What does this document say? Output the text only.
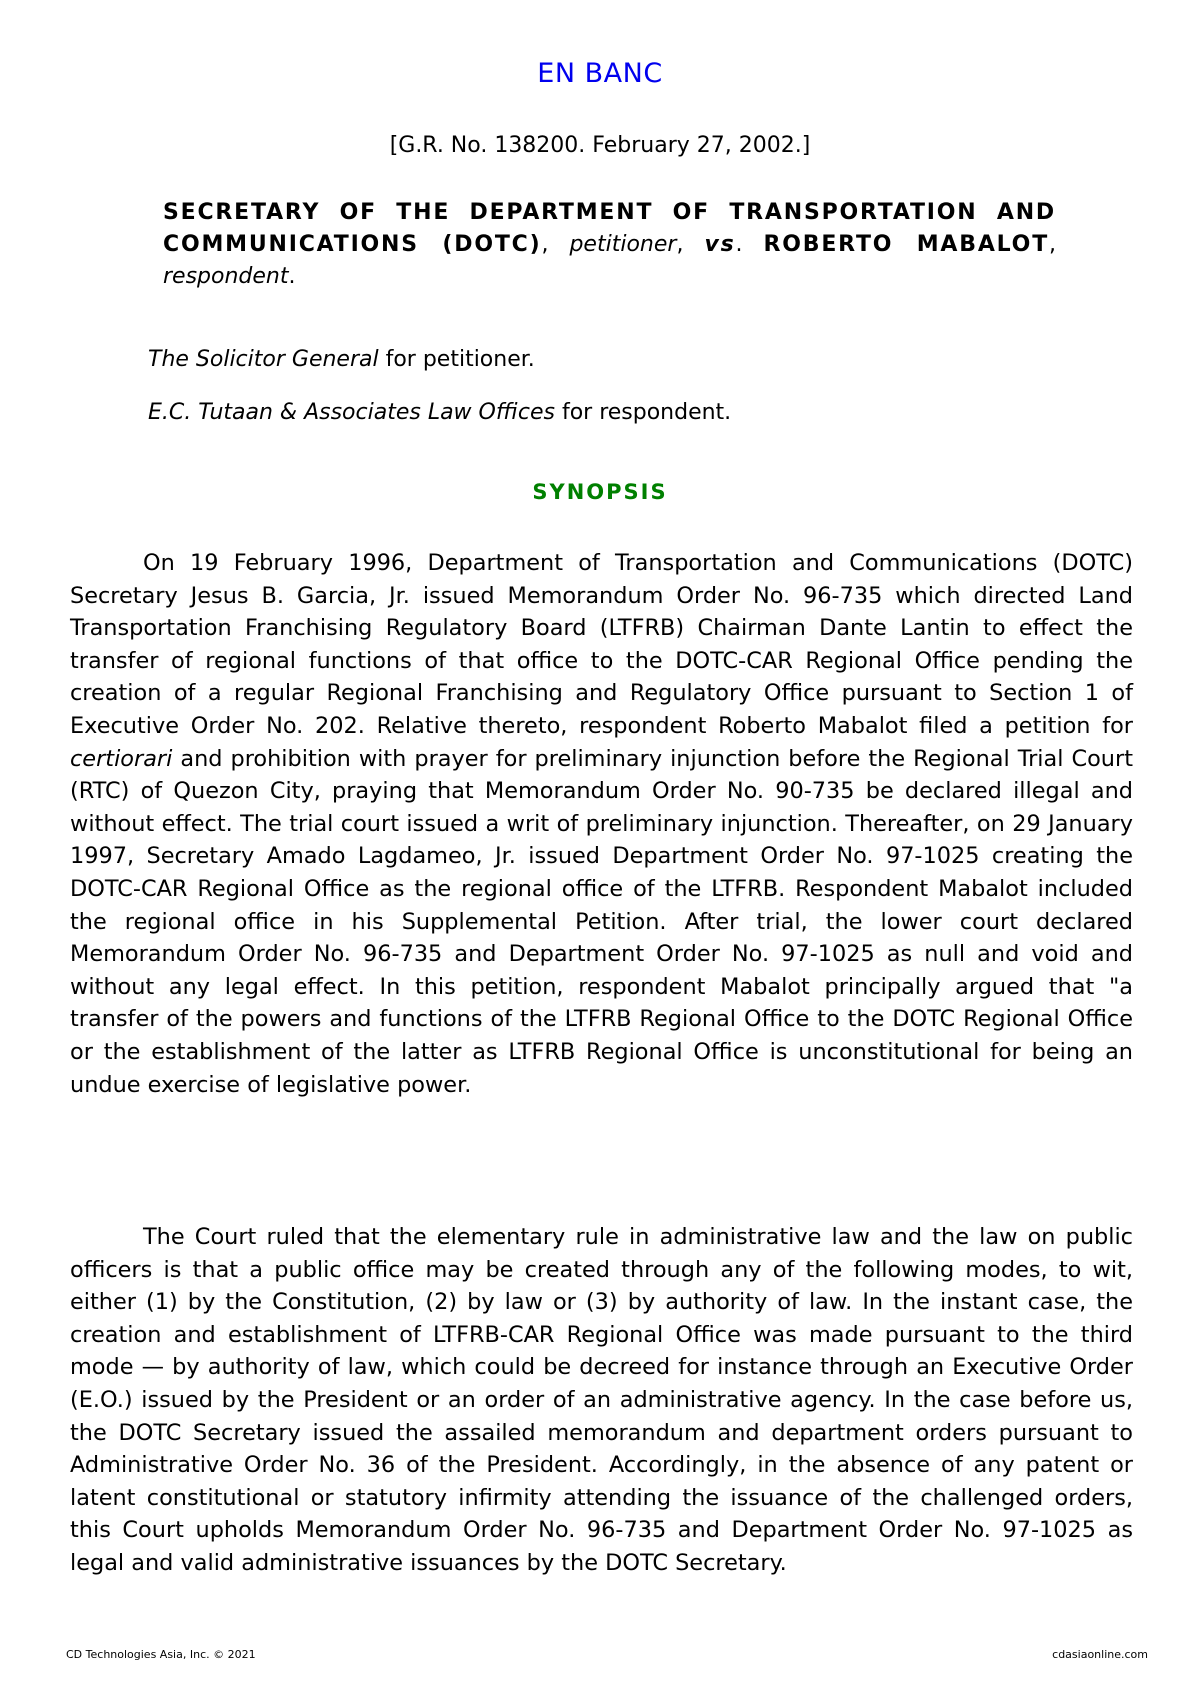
EN BANC
[G.R. No. 138200. February 27, 2002.]
SECRETARY OF THE DEPARTMENT OF TRANSPORTATION AND COMMUNICATIONS (DOTC), petitioner, vs. ROBERTO MABALOT, respondent.
The Solicitor General for petitioner.
E.C. Tutaan & Associates Law Offices for respondent.
SYNOPSIS

On 19 February 1996, Department of Transportation and Communications (DOTC) Secretary Jesus B. Garcia, Jr. issued Memorandum Order No. 96-735 which directed Land Transportation Franchising Regulatory Board (LTFRB) Chairman Dante Lantin to effect the transfer of regional functions of that office to the DOTC-CAR Regional Office pending the creation of a regular Regional Franchising and Regulatory Office pursuant to Section 1 of Executive Order No. 202. Relative thereto, respondent Roberto Mabalot filed a petition for certiorari and prohibition with prayer for preliminary injunction before the Regional Trial Court (RTC) of Quezon City, praying that Memorandum Order No. 90-735 be declared illegal and without effect. The trial court issued a writ of preliminary injunction. Thereafter, on 29 January 1997, Secretary Amado Lagdameo, Jr. issued Department Order No. 97-1025 creating the DOTC-CAR Regional Office as the regional office of the LTFRB. Respondent Mabalot included the regional office in his Supplemental Petition. After trial, the lower court declared Memorandum Order No. 96-735 and Department Order No. 97-1025 as null and void and without any legal effect. In this petition, respondent Mabalot principally argued that "a transfer of the powers and functions of the LTFRB Regional Office to the DOTC Regional Office or the establishment of the latter as LTFRB Regional Office is unconstitutional for being an undue exercise of legislative power.

The Court ruled that the elementary rule in administrative law and the law on public officers is that a public office may be created through any of the following modes, to wit, either (1) by the Constitution, (2) by law or (3) by authority of law. In the instant case, the creation and establishment of LTFRB-CAR Regional Office was made pursuant to the third mode — by authority of law, which could be decreed for instance through an Executive Order (E.O.) issued by the President or an order of an administrative agency. In the case before us, the DOTC Secretary issued the assailed memorandum and department orders pursuant to Administrative Order No. 36 of the President. Accordingly, in the absence of any patent or latent constitutional or statutory infirmity attending the issuance of the challenged orders, this Court upholds Memorandum Order No. 96-735 and Department Order No. 97-1025 as legal and valid administrative issuances by the DOTC Secretary.

CD Technologies Asia, Inc. © 2021	cdasiaonline.com
